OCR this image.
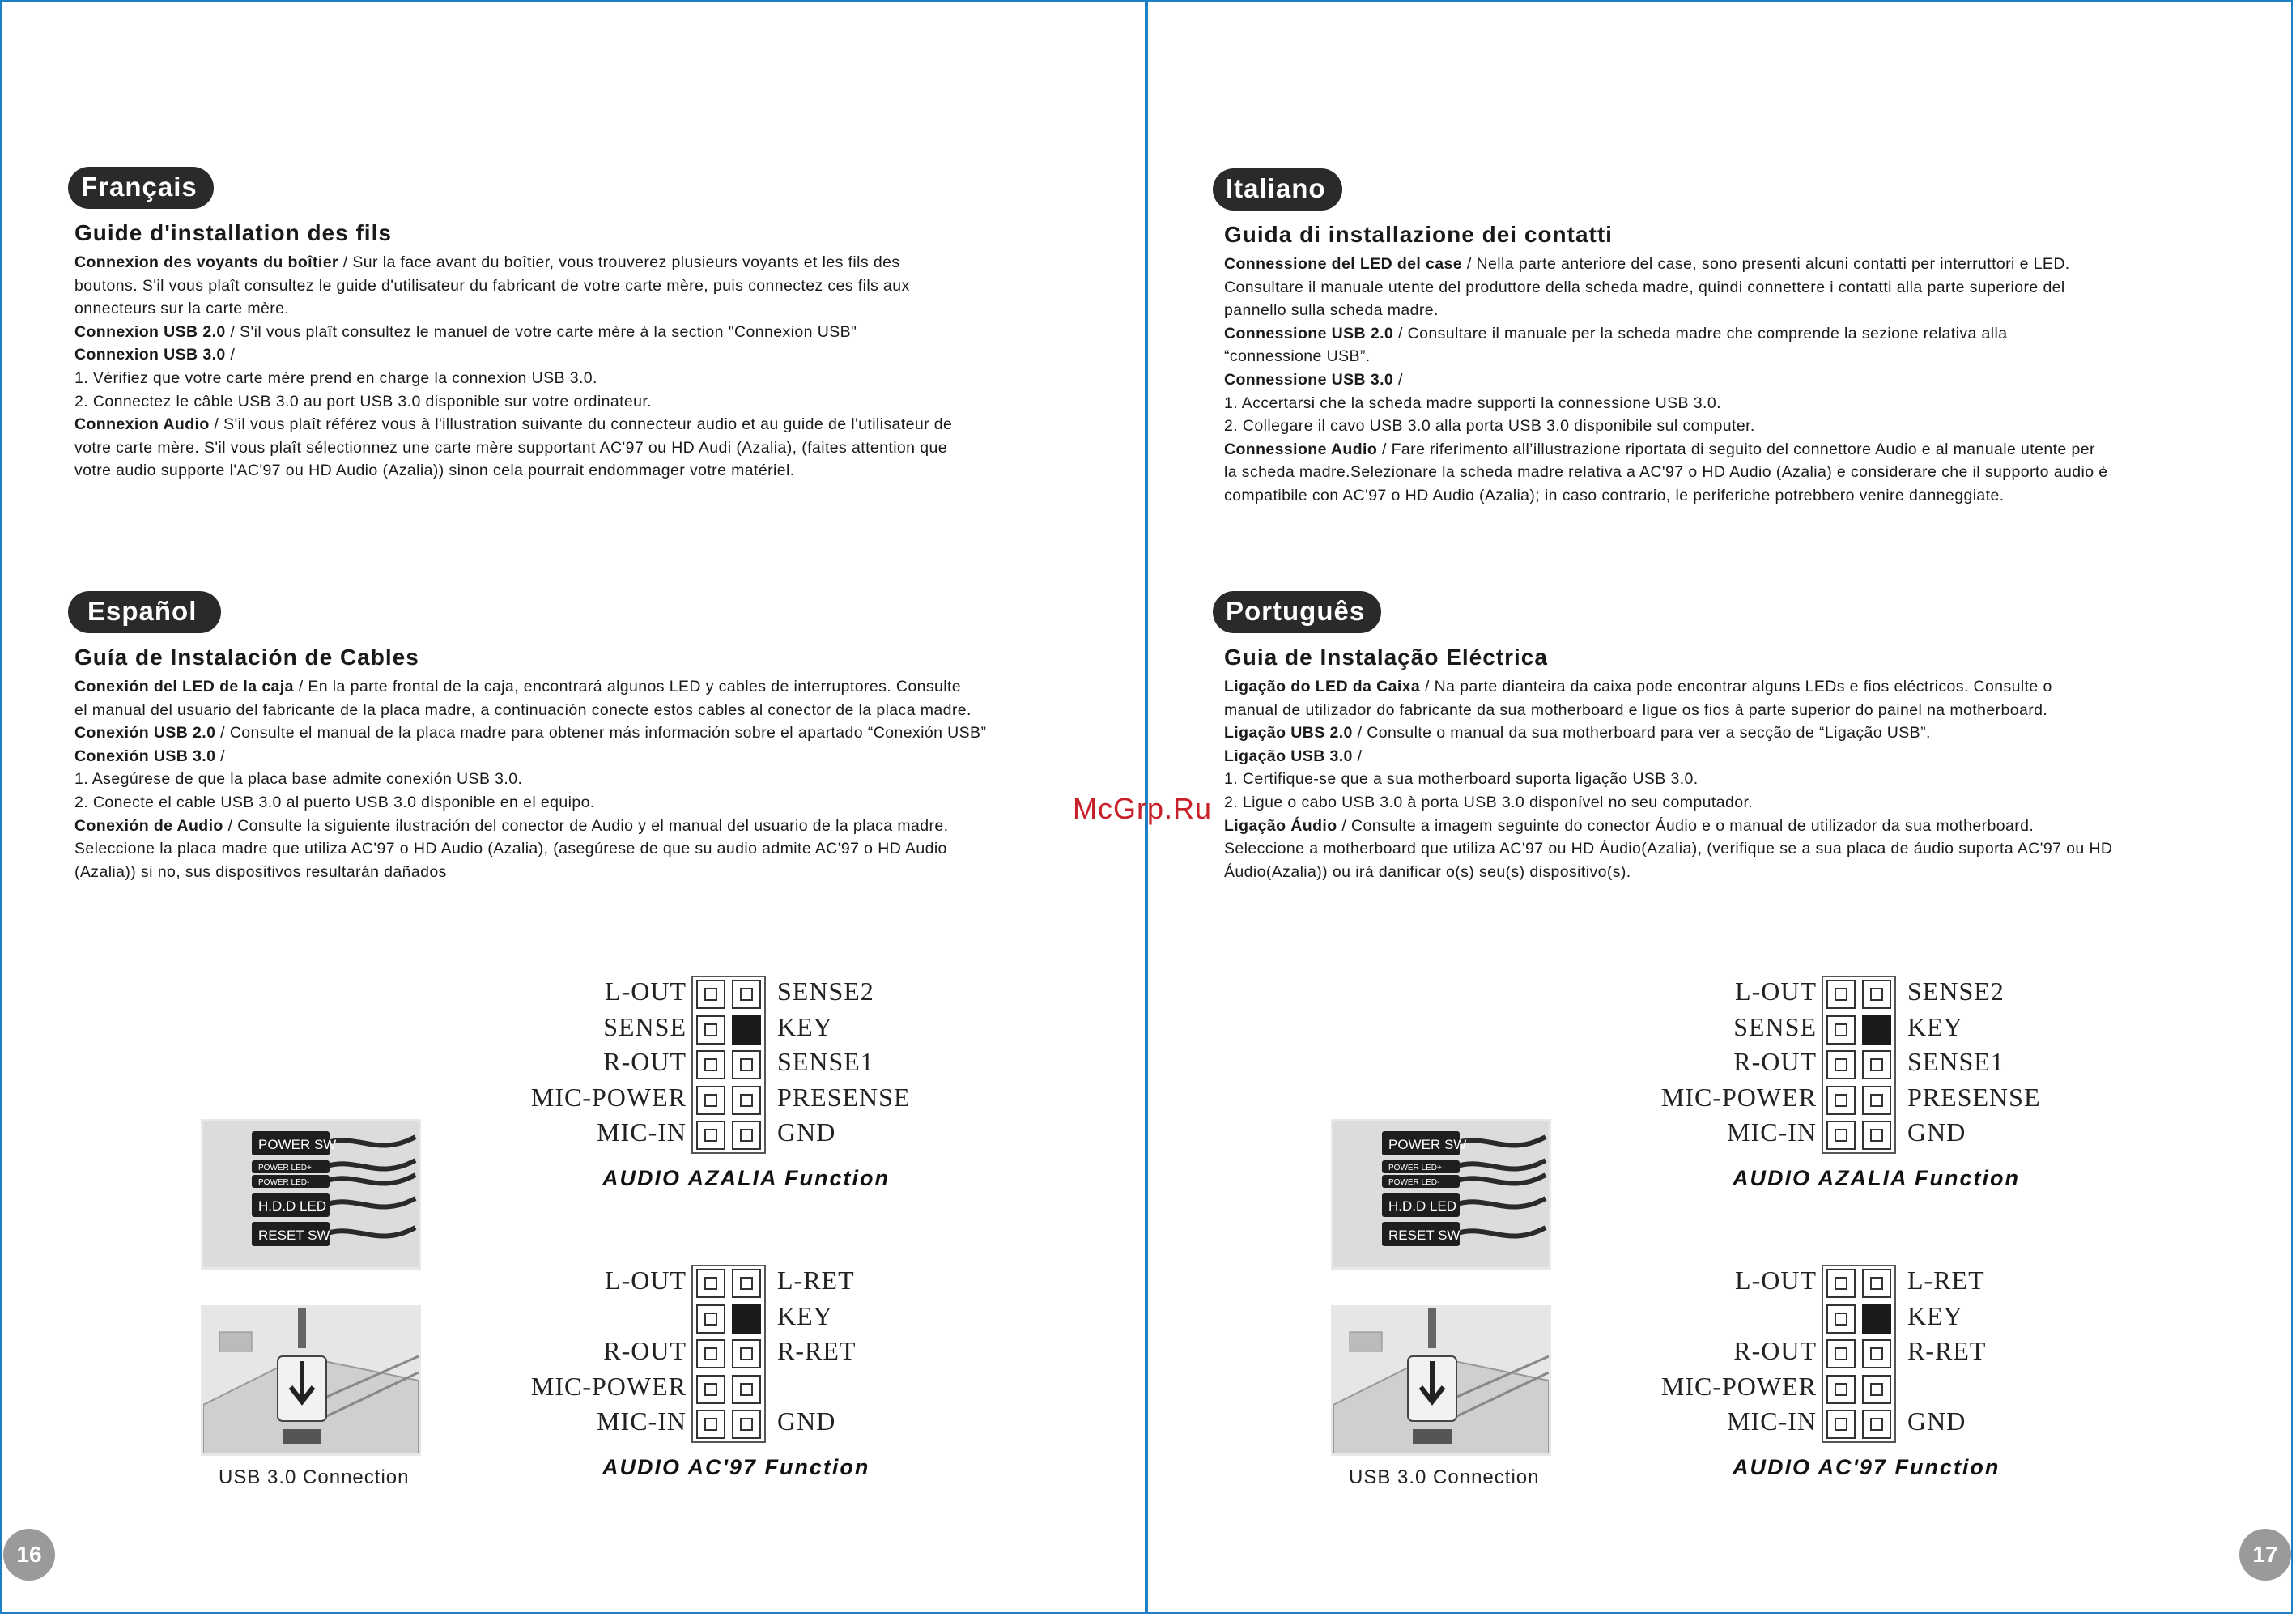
Français
Guide d'installation des fils
Connexion des voyants du boîtier / Sur la face avant du boîtier, vous trouverez plusieurs voyants et les fils des
boutons. S'il vous plaît consultez le guide d'utilisateur du fabricant de votre carte mère, puis connectez ces fils aux
onnecteurs sur la carte mère.
Connexion USB 2.0 / S'il vous plaît consultez le manuel de votre carte mère à la section "Connexion USB"
Connexion USB 3.0 /
1. Vérifiez que votre carte mère prend en charge la connexion USB 3.0.
2. Connectez le câble USB 3.0 au port USB 3.0 disponible sur votre ordinateur.
Connexion Audio / S'il vous plaît référez vous à l'illustration suivante du connecteur audio et au guide de l'utilisateur de
votre carte mère. S'il vous plaît sélectionnez une carte mère supportant AC'97 ou HD Audi (Azalia), (faites attention que
votre audio supporte l'AC'97 ou HD Audio (Azalia)) sinon cela pourrait endommager votre matériel.
Español
Guía de Instalación de Cables
Conexión del LED de la caja / En la parte frontal de la caja, encontrará algunos LED y cables de interruptores. Consulte
el manual del usuario del fabricante de la placa madre, a continuación conecte estos cables al conector de la placa madre.
Conexión USB 2.0 / Consulte el manual de la placa madre para obtener más información sobre el apartado “Conexión USB”
Conexión USB 3.0 /
1. Asegúrese de que la placa base admite conexión USB 3.0.
2. Conecte el cable USB 3.0 al puerto USB 3.0 disponible en el equipo.
Conexión de Audio / Consulte la siguiente ilustración del conector de Audio y el manual del usuario de la placa madre.
Seleccione la placa madre que utiliza AC'97 o HD Audio (Azalia), (asegúrese de que su audio admite AC'97 o HD Audio
(Azalia)) si no, sus dispositivos resultarán dañados
Italiano
Guida di installazione dei contatti
Connessione del LED del case / Nella parte anteriore del case, sono presenti alcuni contatti per interruttori e LED.
Consultare il manuale utente del produttore della scheda madre, quindi connettere i contatti alla parte superiore del
pannello sulla scheda madre.
Connessione USB 2.0 / Consultare il manuale per la scheda madre che comprende la sezione relativa alla
“connessione USB”.
Connessione USB 3.0 /
1. Accertarsi che la scheda madre supporti la connessione USB 3.0.
2. Collegare il cavo USB 3.0 alla porta USB 3.0 disponibile sul computer.
Connessione Audio / Fare riferimento all’illustrazione riportata di seguito del connettore Audio e al manuale utente per
la scheda madre.Selezionare la scheda madre relativa a AC'97 o HD Audio (Azalia) e considerare che il supporto audio è
compatibile con AC'97 o HD Audio (Azalia); in caso contrario, le periferiche potrebbero venire danneggiate.
Português
Guia de Instalação Eléctrica
Ligação do LED da Caixa / Na parte dianteira da caixa pode encontrar alguns LEDs e fios eléctricos. Consulte o
manual de utilizador do fabricante da sua motherboard e ligue os fios à parte superior do painel na motherboard.
Ligação UBS 2.0 / Consulte o manual da sua motherboard para ver a secção de “Ligação USB”.
Ligação USB 3.0 /
1. Certifique-se que a sua motherboard suporta ligação USB 3.0.
2. Ligue o cabo USB 3.0 à porta USB 3.0 disponível no seu computador.
Ligação Áudio / Consulte a imagem seguinte do conector Áudio e o manual de utilizador da sua motherboard.
Seleccione a motherboard que utiliza AC'97 ou HD Áudio(Azalia), (verifique se a sua placa de áudio suporta AC'97 ou HD
Áudio(Azalia)) ou irá danificar o(s) seu(s) dispositivo(s).
McGrp.Ru
L-OUT	SENSE2
SENSE	KEY
R-OUT	SENSE1
MIC-POWER	PRESENSE
MIC-IN	GND
AUDIO AZALIA Function
L-OUT	L-RET
KEY
R-OUT	R-RET
MIC-POWER
MIC-IN	GND
AUDIO AC'97 Function
POWER SW
POWER LED+
POWER LED-
H.D.D LED
RESET SW
USB 3.0 Connection
L-OUT	SENSE2
SENSE	KEY
R-OUT	SENSE1
MIC-POWER	PRESENSE
MIC-IN	GND
AUDIO AZALIA Function
L-OUT	L-RET
KEY
R-OUT	R-RET
MIC-POWER
MIC-IN	GND
AUDIO AC'97 Function
POWER SW
POWER LED+
POWER LED-
H.D.D LED
RESET SW
USB 3.0 Connection
16	17
